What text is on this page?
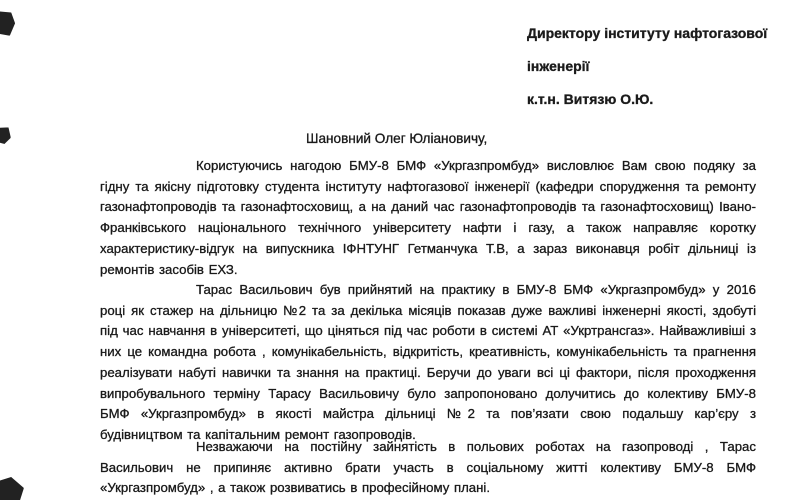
Директору інституту нафтогазової

інженерії

к.т.н. Витязю О.Ю.

Шановний Олег Юліановичу,

Користуючись нагодою БМУ-8 БМФ «Укргазпромбуд» висловлює Вам свою подяку за гідну та якісну підготовку студента інституту нафтогазової інженерії (кафедри спорудження та ремонту газонафтопроводів та газонафтосховищ, а на даний час газонафтопроводів та газонафтосховищ) Івано-Франківського національного технічного університету нафти і газу, а також направляє коротку характеристику-відгук на випускника ІФНТУНГ Гетманчука Т.В, а зараз виконавця робіт дільниці із ремонтів засобів ЕХЗ.

Тарас Васильович був прийнятий на практику в БМУ-8 БМФ «Укргазпромбуд» у 2016 році як стажер на дільницю №2 та за декілька місяців показав дуже важливі інженерні якості, здобуті під час навчання в університеті, що ціняться під час роботи в системі АТ «Укртрансгаз». Найважливіші з них це командна робота , комунікабельність, відкритість, креативність, комунікабельність та прагнення реалізувати набуті навички та знання на практиці. Беручи до уваги всі ці фактори, після проходження випробувального терміну Тарасу Васильовичу було запропоновано долучитись до колективу БМУ-8 БМФ «Укргазпромбуд» в якості майстра дільниці №2 та пов’язати свою подальшу кар’єру з будівництвом та капітальним ремонт газопроводів.

Незважаючи на постійну зайнятість в польових роботах на газопроводі , Тарас Васильович не припиняє активно брати участь в соціальному житті колективу БМУ-8 БМФ «Укргазпромбуд» , а також розвиватись в професійному плані.
